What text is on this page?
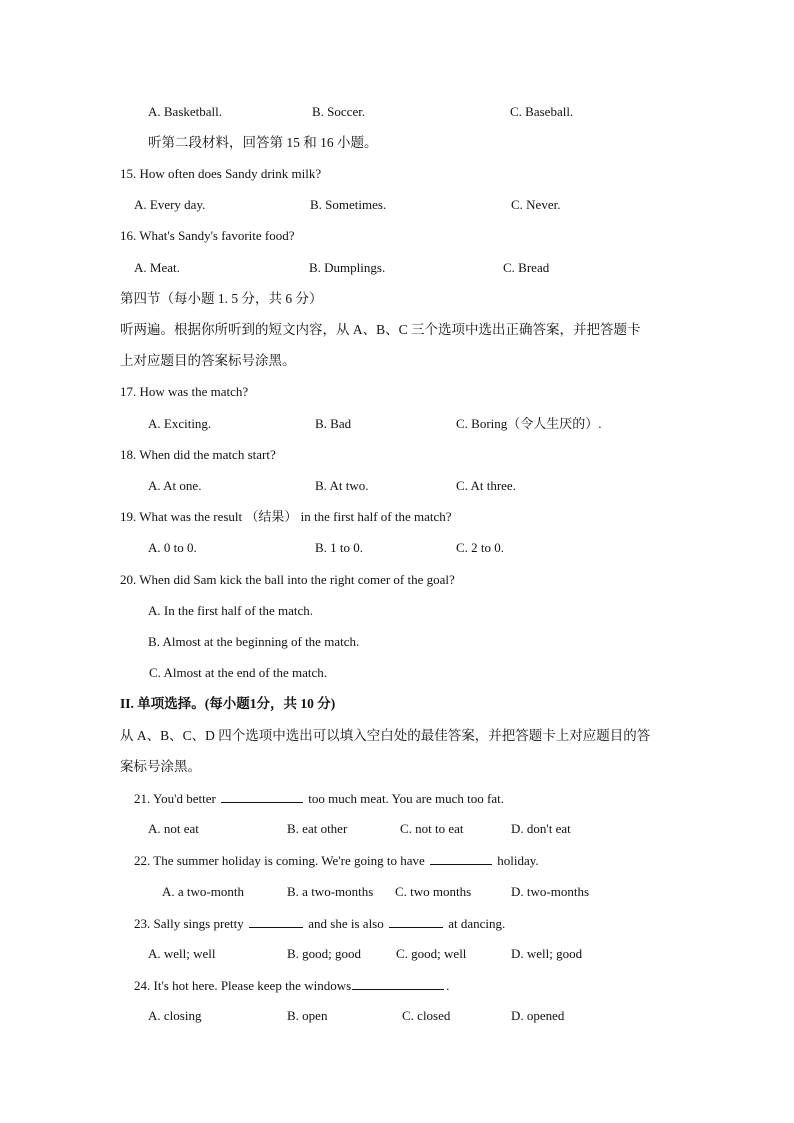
A. Basketball.	B. Soccer.	C. Baseball.
听第二段材料，回答第 15 和 16 小题。
15. How often does Sandy drink milk?
A. Every day.	B. Sometimes.	C. Never.
16. What's Sandy's favorite food?
A. Meat.	B. Dumplings.	C. Bread
第四节（每小题 1. 5 分，共 6 分）
听两遍。根据你所听到的短文内容，从 A、B、C 三个选项中选出正确答案，并把答题卡
上对应题目的答案标号涂黑。
17. How was the match?
A. Exciting.	B. Bad	C. Boring（令人生厌的）.
18. When did the match start?
A. At one.	B. At two.	C. At three.
19. What was the result （结果） in the first half of the match?
A. 0 to 0.	B. 1 to 0.	C. 2 to 0.
20. When did Sam kick the ball into the right comer of the goal?
A. In the first half of the match.
B. Almost at the beginning of the match.
C. Almost at the end of the match.
II. 单项选择。(每小题1分，共 10 分)
从 A、B、C、D 四个选项中选出可以填入空白处的最佳答案，并把答题卡上对应题目的答
案标号涂黑。
21. You'd better	too much meat. You are much too fat.
A. not eat	B. eat other	C. not to eat	D. don't eat
22. The summer holiday is coming. We're going to have	holiday.
A. a two-month	B. a two-months C. two months	D. two-months
23. Sally sings pretty	and she is also	at dancing.
A. well; well	B. good; good	C. good; well	D. well; good
24. It's hot here. Please keep the windows	.
A. closing	B. open	C. closed	D. opened
